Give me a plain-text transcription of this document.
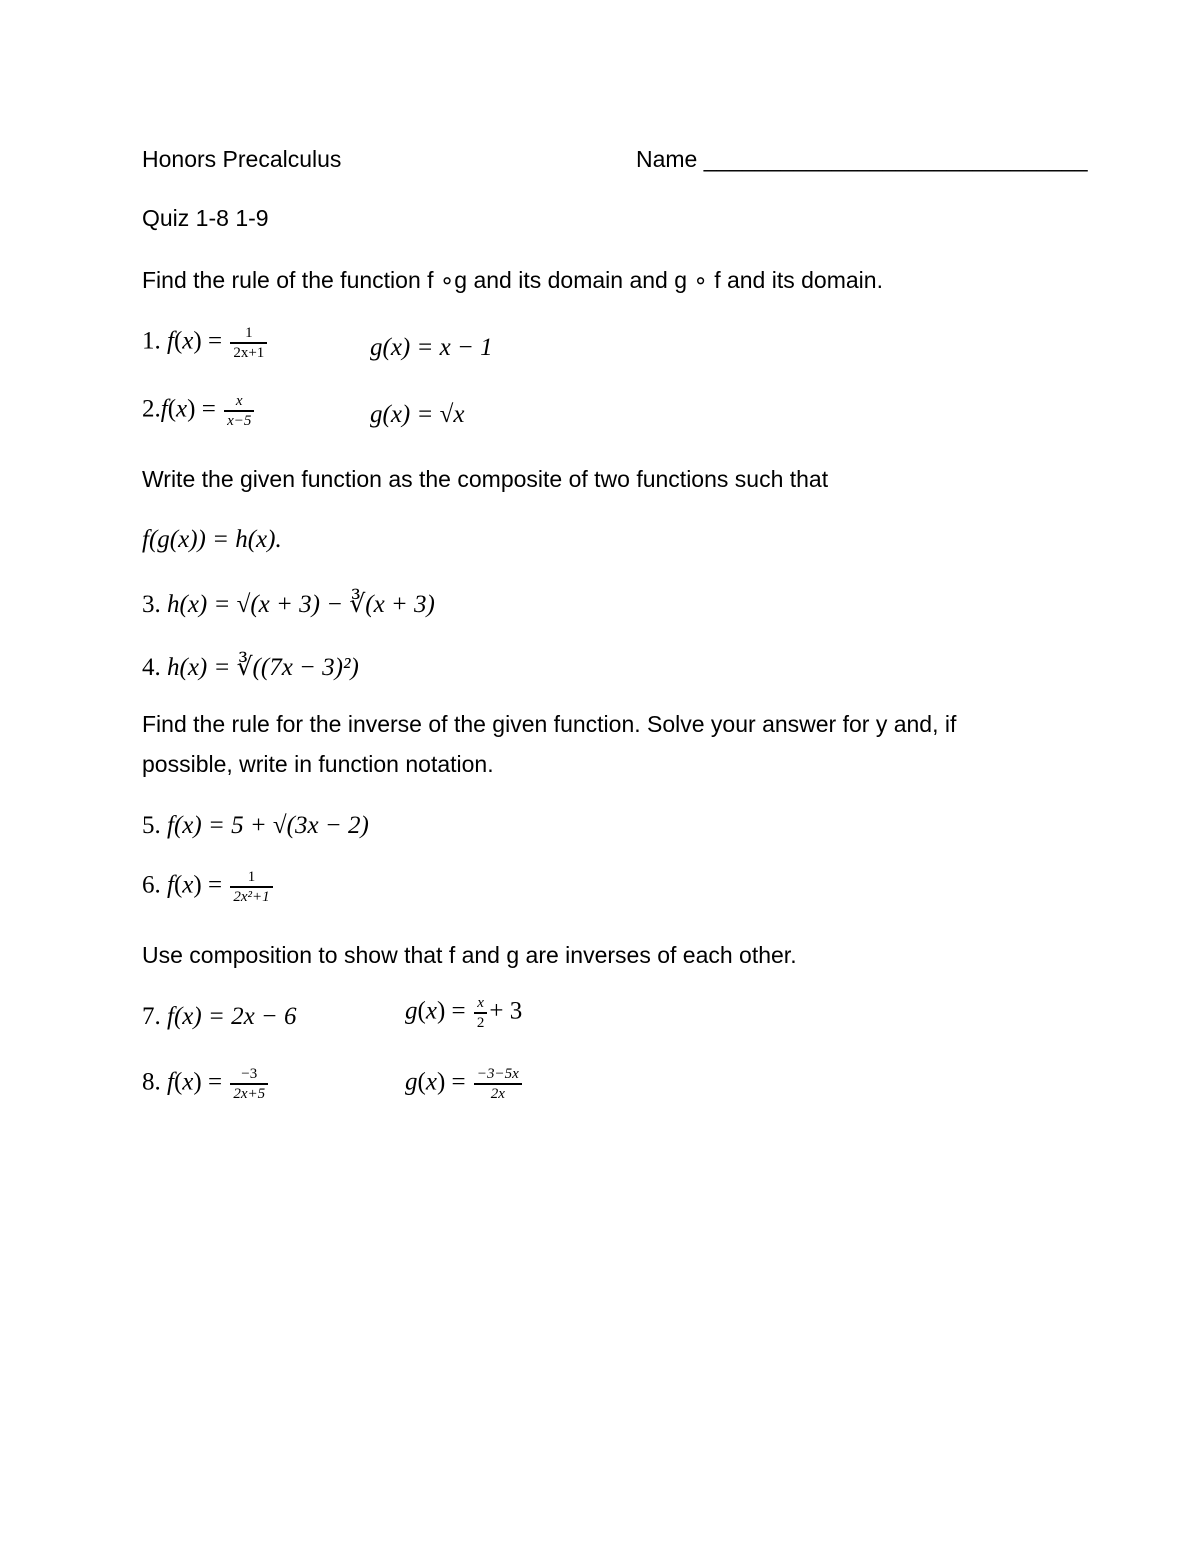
Honors Precalculus	Name ______________________________
Quiz 1-8 1-9
Find the rule of the function f ∘g and its domain and g ∘ f and its domain.
1. $f(x) = \frac{1}{2x+1}$	g(x) = x − 1
$2.f(x) = \frac{x}{x-5}$	g(x) = √x
Write the given function as the composite of two functions such that
f(g(x)) = h(x).
3. h(x) = √(x + 3) − ∛(x + 3)
4. h(x) = ∛((7x − 3)²)
Find the rule for the inverse of the given function. Solve your answer for y and, if
possible, write in function notation.
5. f(x) = 5 + √(3x − 2)
6. $f(x) = \frac{1}{\text{2x²+1}}$
Use composition to show that f and g are inverses of each other.
7. f(x) = 2x − 6	$g(x) = \frac{x}{2} + 3$
8. $f(x) = \frac{-3}{2x+5}$	$g(x) = \frac{-3-5x}{2x}$
